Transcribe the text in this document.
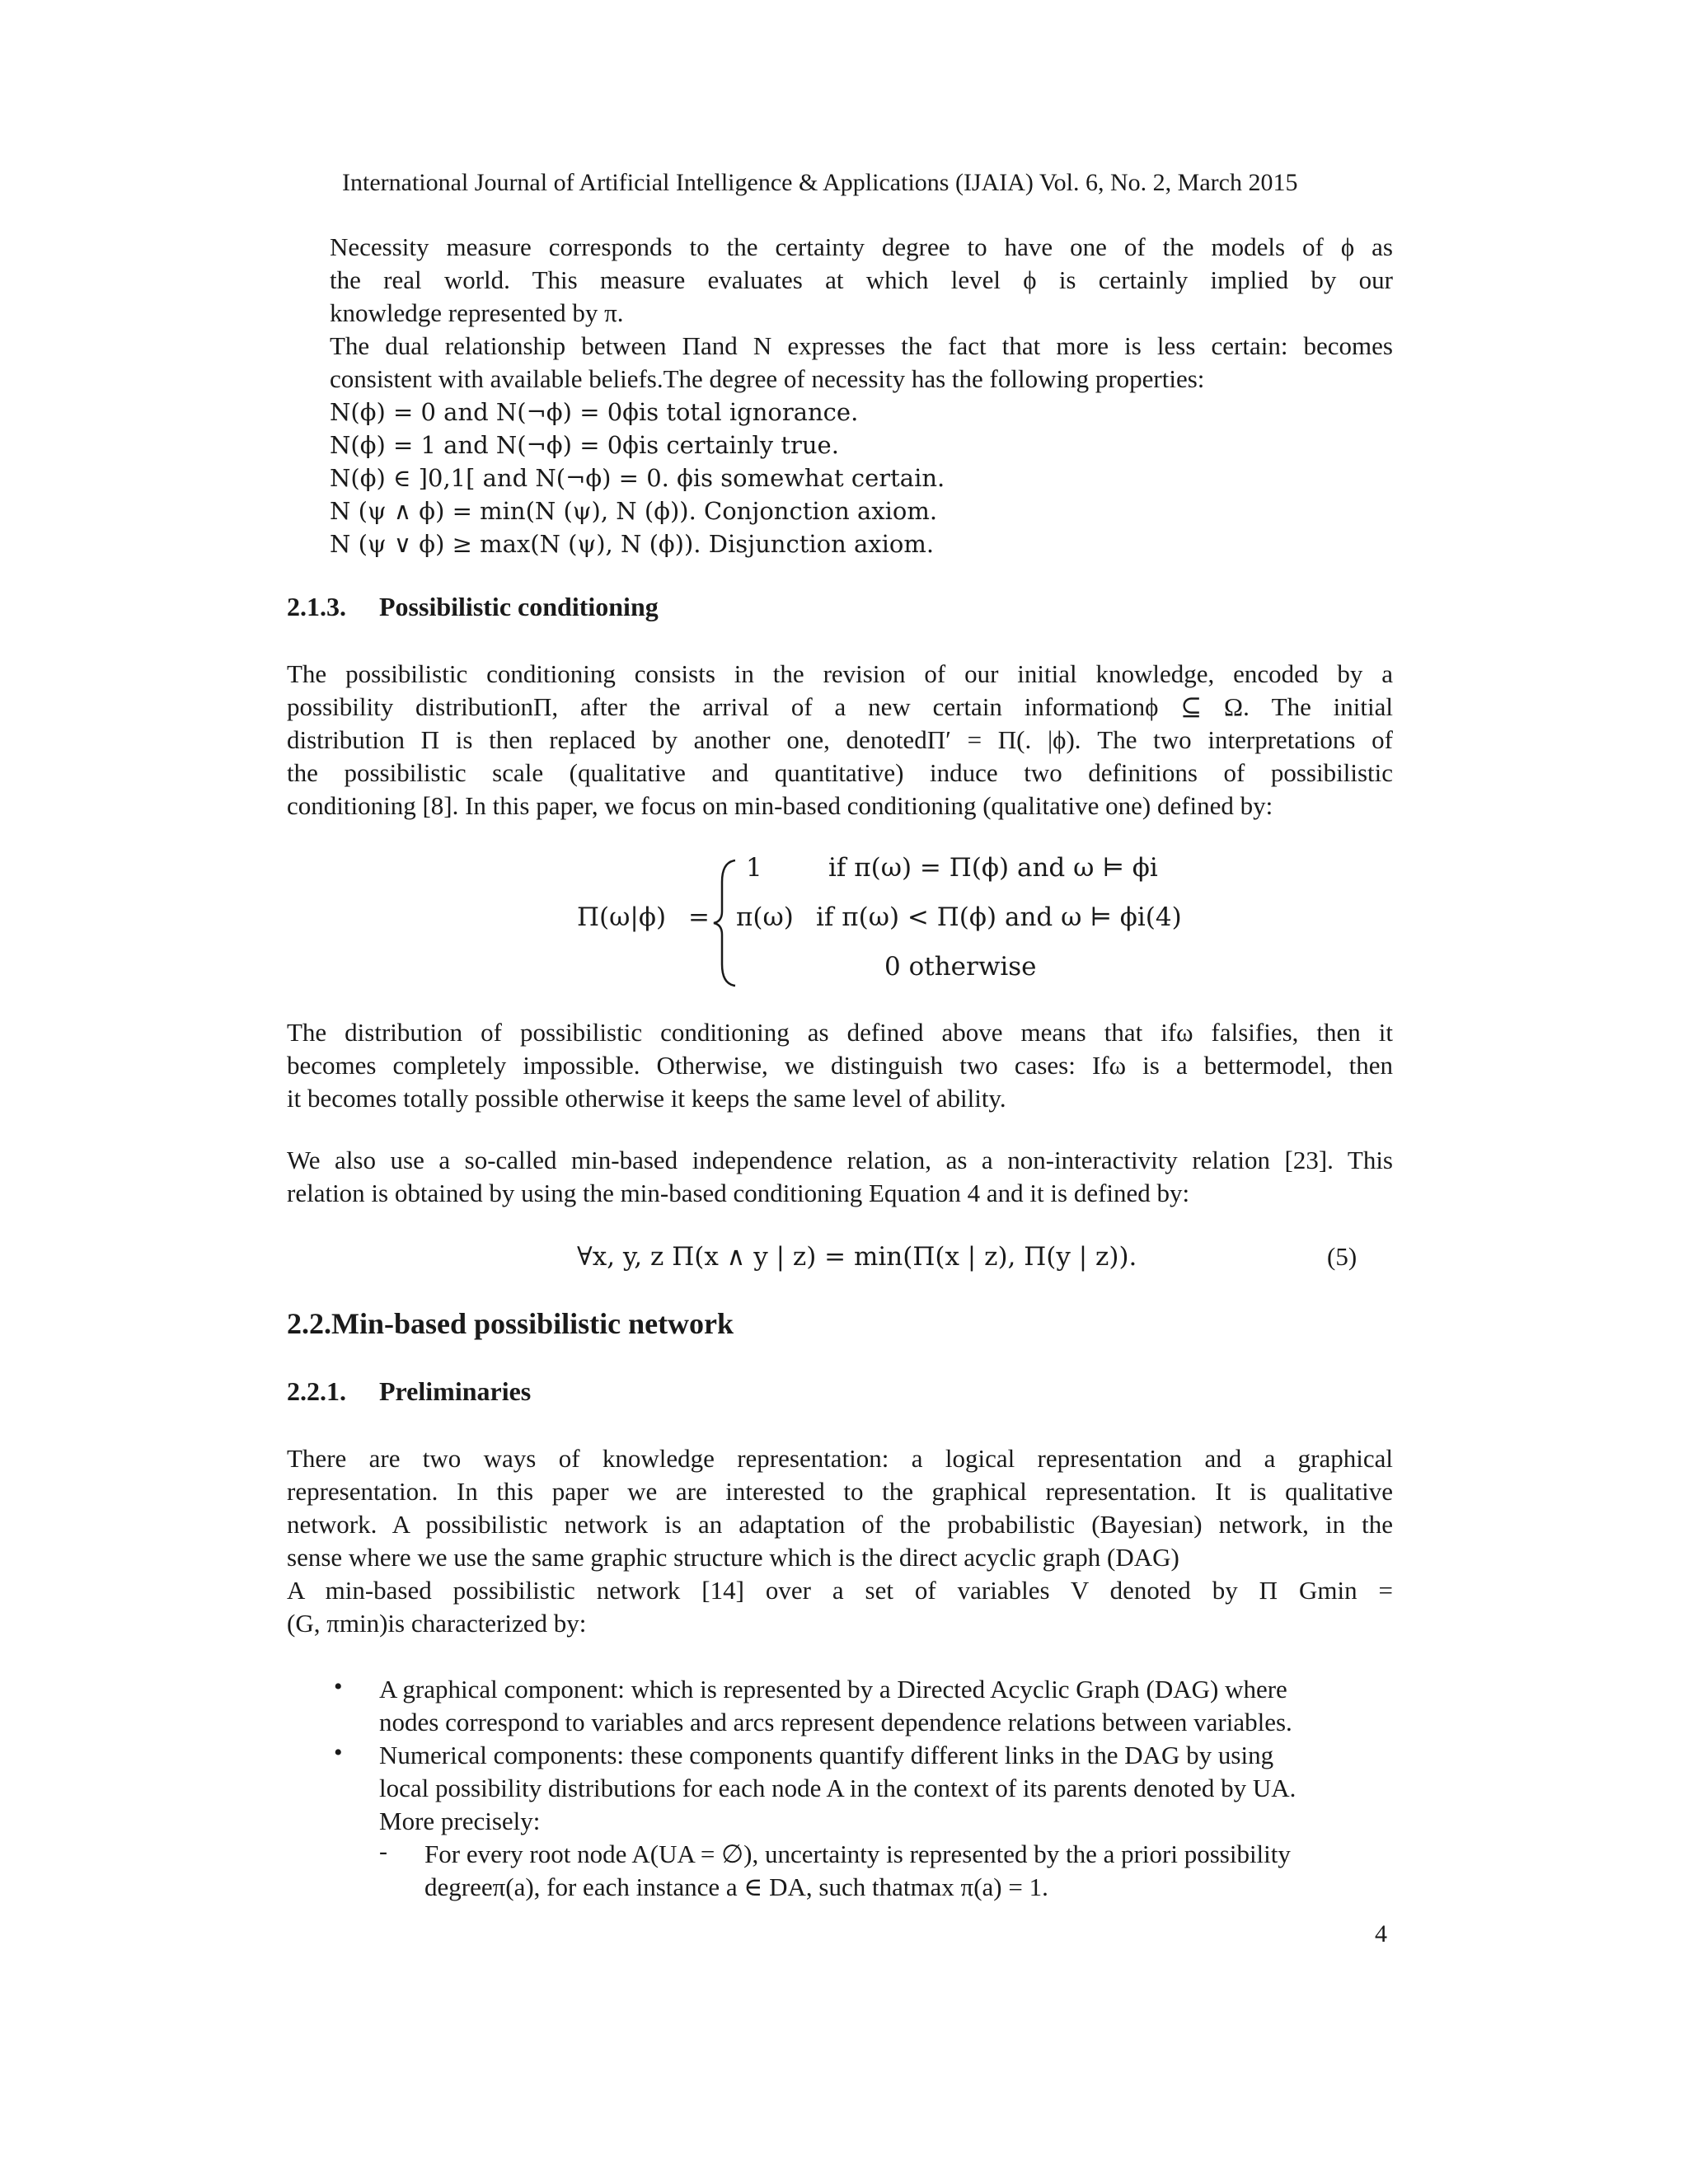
International Journal of Artificial Intelligence & Applications (IJAIA) Vol. 6, No. 2, March 2015
Necessity measure corresponds to the certainty degree to have one of the models of ϕ as
the real world. This measure evaluates at which level ϕ is certainly implied by our
knowledge represented by π.
The dual relationship between Πand N expresses the fact that more is less certain: becomes
consistent with available beliefs.The degree of necessity has the following properties:
N(ϕ) = 0 and N(¬ϕ) = 0ϕis total ignorance.
N(ϕ) = 1 and N(¬ϕ) = 0ϕis certainly true.
N(ϕ) ∈ ]0,1[ and N(¬ϕ) = 0. ϕis somewhat certain.
N (ψ ∧ ϕ) = min(N (ψ), N (ϕ)). Conjonction axiom.
N (ψ ∨ ϕ) ≥ max(N (ψ), N (ϕ)). Disjunction axiom.
2.1.3. Possibilistic conditioning
The possibilistic conditioning consists in the revision of our initial knowledge, encoded by a
possibility distributionΠ, after the arrival of a new certain informationϕ ⊆ Ω. The initial
distribution Π is then replaced by another one, denotedΠ′ = Π(. |ϕ). The two interpretations of
the possibilistic scale (qualitative and quantitative) induce two definitions of possibilistic
conditioning [8]. In this paper, we focus on min-based conditioning (qualitative one) defined by:
Π(ω|ϕ) =
1	if π(ω) = Π(ϕ) and ω ⊨ ϕi
π(ω) if π(ω) < Π(ϕ) and ω ⊨ ϕi(4)
0 otherwise
The distribution of possibilistic conditioning as defined above means that ifω falsifies, then it
becomes completely impossible. Otherwise, we distinguish two cases: Ifω is a bettermodel, then
it becomes totally possible otherwise it keeps the same level of ability.
We also use a so-called min-based independence relation, as a non-interactivity relation [23]. This
relation is obtained by using the min-based conditioning Equation 4 and it is defined by:
∀x, y, z Π(x ∧ y | z) = min(Π(x | z), Π(y | z)).	(5)
2.2.Min-based possibilistic network
2.2.1. Preliminaries
There are two ways of knowledge representation: a logical representation and a graphical
representation. In this paper we are interested to the graphical representation. It is qualitative
network. A possibilistic network is an adaptation of the probabilistic (Bayesian) network, in the
sense where we use the same graphic structure which is the direct acyclic graph (DAG)
A min-based possibilistic network [14] over a set of variables V denoted by Π Gmin =
(G, πmin)is characterized by:
• A graphical component: which is represented by a Directed Acyclic Graph (DAG) where
nodes correspond to variables and arcs represent dependence relations between variables.
• Numerical components: these components quantify different links in the DAG by using
local possibility distributions for each node A in the context of its parents denoted by UA.
More precisely:
- For every root node A(UA = ∅), uncertainty is represented by the a priori possibility
degreeπ(a), for each instance a ∈ DA, such thatmax π(a) = 1.
4
